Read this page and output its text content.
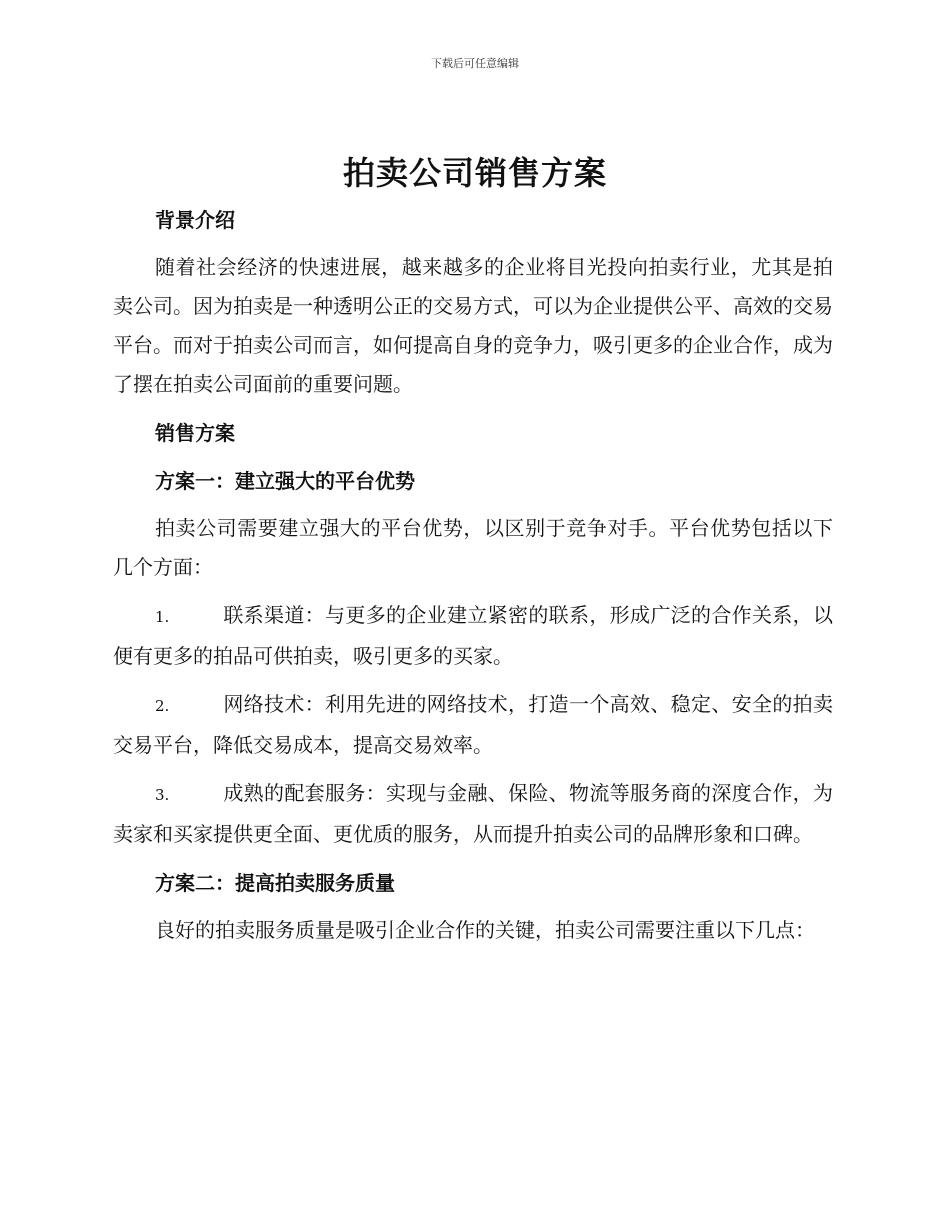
下载后可任意编辑
拍卖公司销售方案
背景介绍

随着社会经济的快速进展，越来越多的企业将目光投向拍卖行业，尤其是拍卖公司。因为拍卖是一种透明公正的交易方式，可以为企业提供公平、高效的交易平台。而对于拍卖公司而言，如何提高自身的竞争力，吸引更多的企业合作，成为了摆在拍卖公司面前的重要问题。

销售方案
方案一：建立强大的平台优势

拍卖公司需要建立强大的平台优势，以区别于竞争对手。平台优势包括以下几个方面：

1.	联系渠道：与更多的企业建立紧密的联系，形成广泛的合作关系，以便有更多的拍品可供拍卖，吸引更多的买家。

2.	网络技术：利用先进的网络技术，打造一个高效、稳定、安全的拍卖交易平台，降低交易成本，提高交易效率。

3.	成熟的配套服务：实现与金融、保险、物流等服务商的深度合作，为卖家和买家提供更全面、更优质的服务，从而提升拍卖公司的品牌形象和口碑。

方案二：提高拍卖服务质量

良好的拍卖服务质量是吸引企业合作的关键，拍卖公司需要注重以下几点：
